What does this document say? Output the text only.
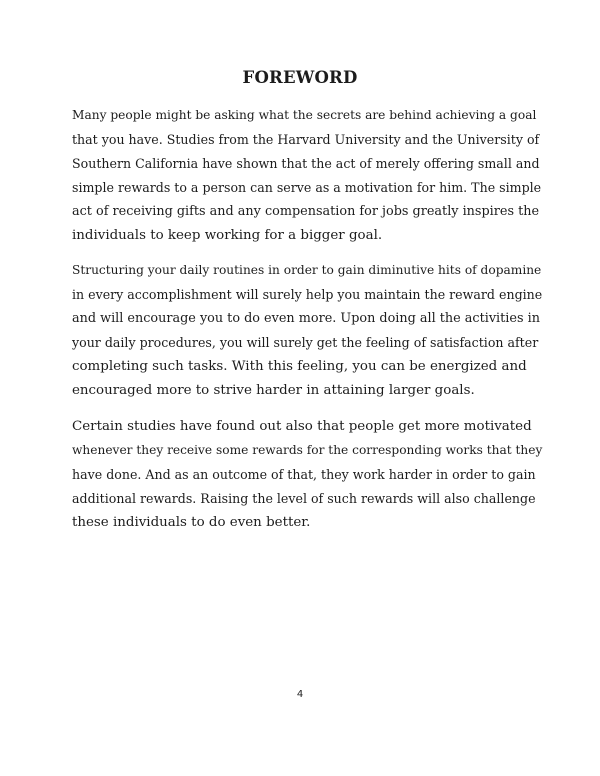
FOREWORD

Many people might be asking what the secrets are behind achieving a goal
that you have. Studies from the Harvard University and the University of
Southern California have shown that the act of merely offering small and
simple rewards to a person can serve as a motivation for him. The simple
act of receiving gifts and any compensation for jobs greatly inspires the
individuals to keep working for a bigger goal.

Structuring your daily routines in order to gain diminutive hits of dopamine
in every accomplishment will surely help you maintain the reward engine
and will encourage you to do even more. Upon doing all the activities in
your daily procedures, you will surely get the feeling of satisfaction after
completing such tasks. With this feeling, you can be energized and
encouraged more to strive harder in attaining larger goals.

Certain studies have found out also that people get more motivated
whenever they receive some rewards for the corresponding works that they
have done. And as an outcome of that, they work harder in order to gain
additional rewards. Raising the level of such rewards will also challenge
these individuals to do even better.

4
